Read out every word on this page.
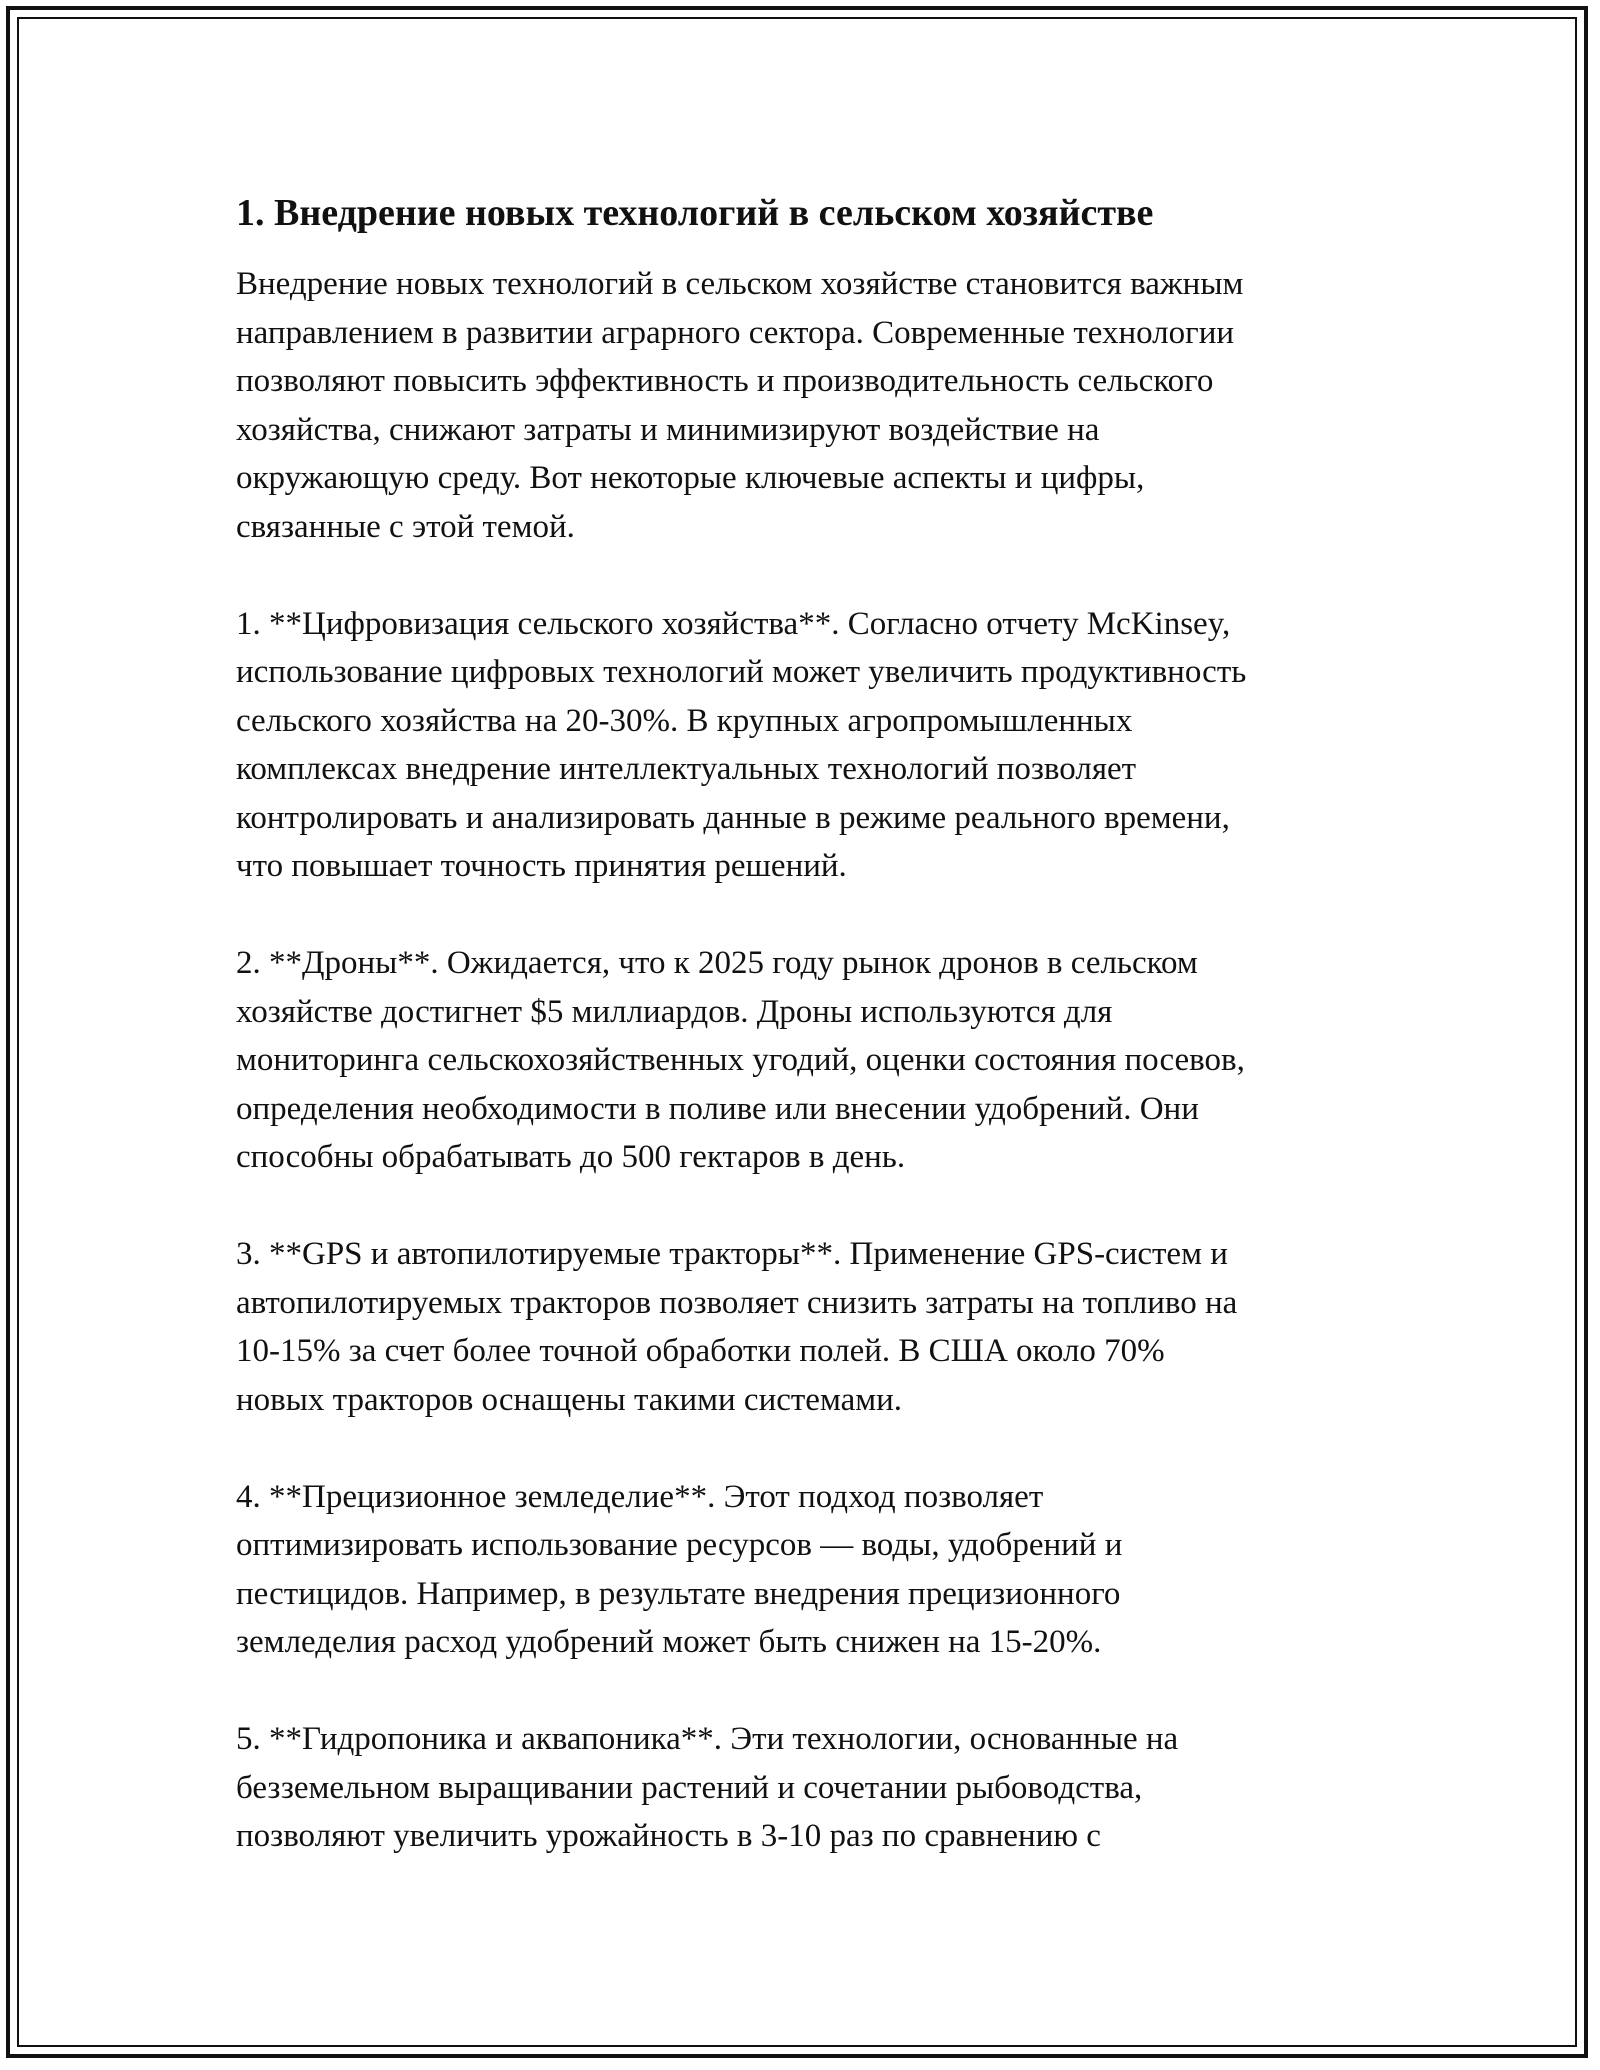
1. Внедрение новых технологий в сельском хозяйстве

Внедрение новых технологий в сельском хозяйстве становится важным
направлением в развитии аграрного сектора. Современные технологии
позволяют повысить эффективность и производительность сельского
хозяйства, снижают затраты и минимизируют воздействие на
окружающую среду. Вот некоторые ключевые аспекты и цифры,
связанные с этой темой.

1. **Цифровизация сельского хозяйства**. Согласно отчету McKinsey,
использование цифровых технологий может увеличить продуктивность
сельского хозяйства на 20-30%. В крупных агропромышленных
комплексах внедрение интеллектуальных технологий позволяет
контролировать и анализировать данные в режиме реального времени,
что повышает точность принятия решений.

2. **Дроны**. Ожидается, что к 2025 году рынок дронов в сельском
хозяйстве достигнет $5 миллиардов. Дроны используются для
мониторинга сельскохозяйственных угодий, оценки состояния посевов,
определения необходимости в поливе или внесении удобрений. Они
способны обрабатывать до 500 гектаров в день.

3. **GPS и автопилотируемые тракторы**. Применение GPS-систем и
автопилотируемых тракторов позволяет снизить затраты на топливо на
10-15% за счет более точной обработки полей. В США около 70%
новых тракторов оснащены такими системами.

4. **Прецизионное земледелие**. Этот подход позволяет
оптимизировать использование ресурсов — воды, удобрений и
пестицидов. Например, в результате внедрения прецизионного
земледелия расход удобрений может быть снижен на 15-20%.

5. **Гидропоника и аквапоника**. Эти технологии, основанные на
безземельном выращивании растений и сочетании рыбоводства,
позволяют увеличить урожайность в 3-10 раз по сравнению с
